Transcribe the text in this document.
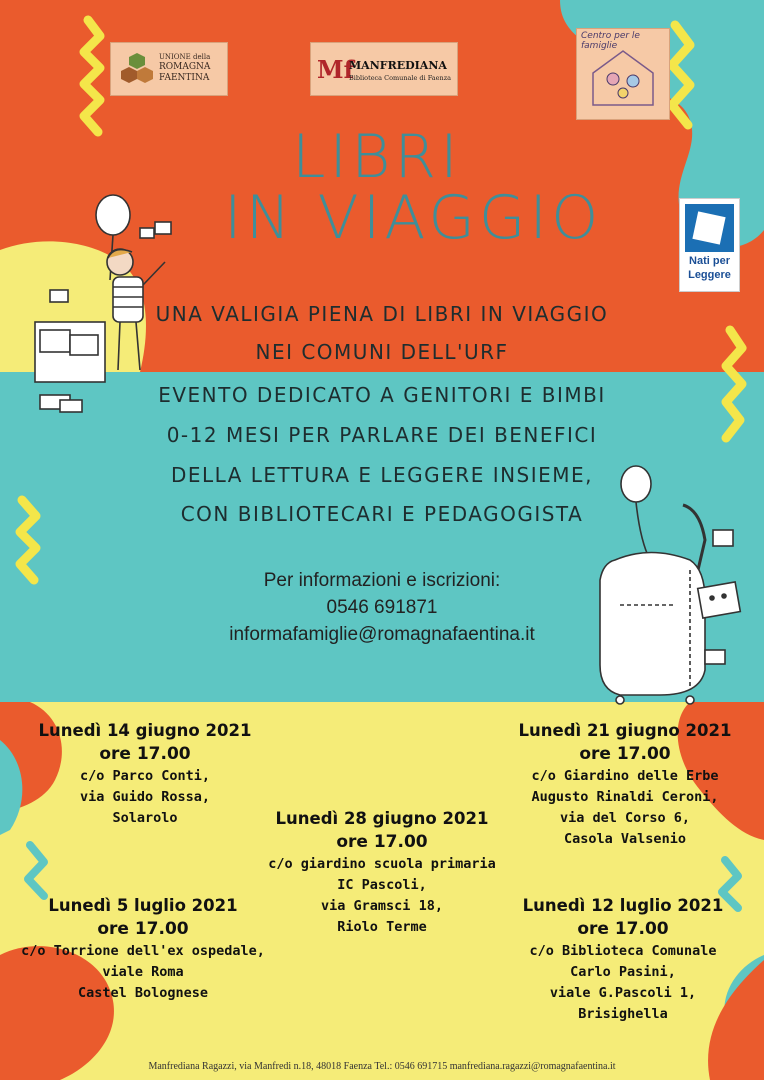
UNIONE della
ROMAGNA
FAENTINA	Mf
MANFREDIANA
Biblioteca Comunale di Faenza
Centro per le famiglie
Nati per
Leggere
LIBRI
IN VIAGGIO
UNA VALIGIA PIENA DI LIBRI IN VIAGGIO
NEI COMUNI DELL'URF
EVENTO DEDICATO A GENITORI E BIMBI
0-12 MESI PER PARLARE DEI BENEFICI
DELLA LETTURA E LEGGERE INSIEME,
CON BIBLIOTECARI E PEDAGOGISTA
Per informazioni e iscrizioni:
0546 691871
informafamiglie@romagnafaentina.it
Lunedì 14 giugno 2021
ore 17.00
c/o Parco Conti,
via Guido Rossa,
Solarolo
Lunedì 21 giugno 2021
ore 17.00
c/o Giardino delle Erbe
Augusto Rinaldi Ceroni,
via del Corso 6,
Casola Valsenio
Lunedì 28 giugno 2021
ore 17.00
c/o giardino scuola primaria
IC Pascoli,
via Gramsci 18,
Riolo Terme
Lunedì 5 luglio 2021
ore 17.00
c/o Torrione dell'ex ospedale,
viale Roma
Castel Bolognese
Lunedì 12 luglio 2021
ore 17.00
c/o Biblioteca Comunale
Carlo Pasini,
viale G.Pascoli 1,
Brisighella
Manfrediana Ragazzi, via Manfredi n.18, 48018 Faenza Tel.: 0546 691715 manfrediana.ragazzi@romagnafaentina.it
